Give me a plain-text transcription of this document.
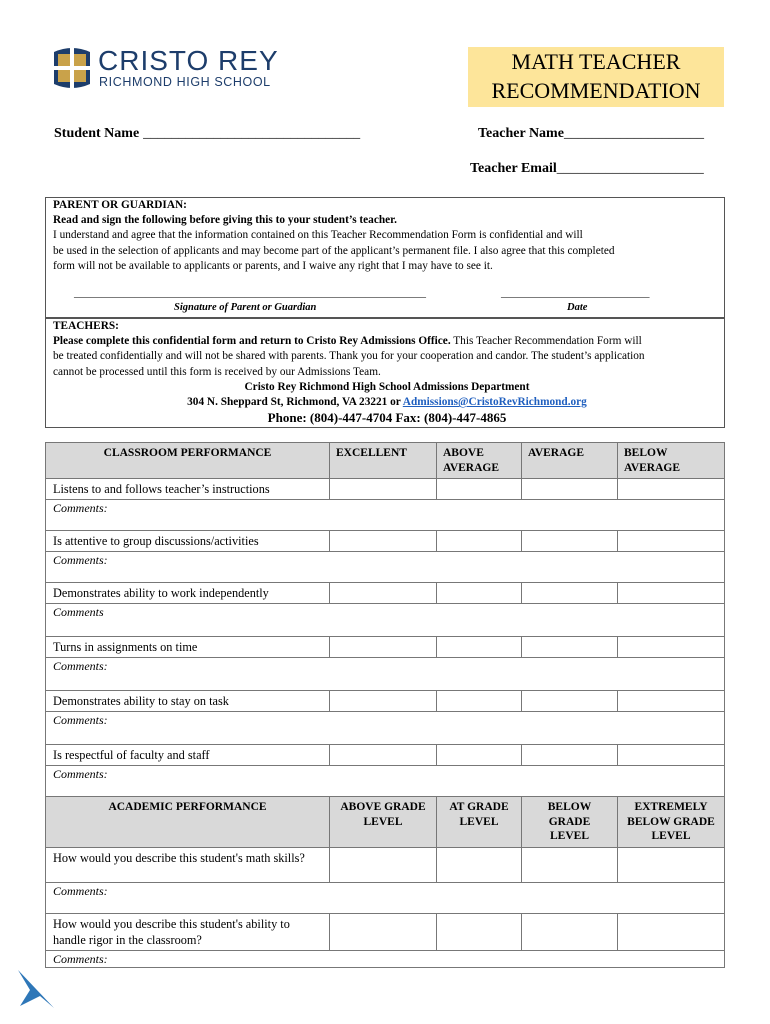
CRISTO REY
RICHMOND HIGH SCHOOL
MATH TEACHER
RECOMMENDATION
Student Name _______________________________	Teacher Name____________________
Teacher Email_____________________
PARENT OR GUARDIAN:
Read and sign the following before giving this to your student’s teacher.
I understand and agree that the information contained on this Teacher Recommendation Form is confidential and will
be used in the selection of applicants and may become part of the applicant’s permanent file. I also agree that this completed
form will not be available to applicants or parents, and I waive any right that I may have to see it.
________________________________________________________________	___________________________
Signature of Parent or Guardian	Date
TEACHERS:
Please complete this confidential form and return to Cristo Rey Admissions Office. This Teacher Recommendation Form will
be treated confidentially and will not be shared with parents. Thank you for your cooperation and candor. The student’s application
cannot be processed until this form is received by our Admissions Team.
Cristo Rey Richmond High School Admissions Department
304 N. Sheppard St, Richmond, VA 23221 or Admissions@CristoRevRichmond.org
Phone: (804)-447-4704 Fax: (804)-447-4865
CLASSROOM PERFORMANCE	EXCELLENT	ABOVE AVERAGE	AVERAGE	BELOW AVERAGE
Listens to and follows teacher’s instructions				
Comments:				
Is attentive to group discussions/activities				
Comments:				
Demonstrates ability to work independently				
Comments				
Turns in assignments on time				
Comments:				
Demonstrates ability to stay on task				
Comments:				
Is respectful of faculty and staff				
Comments:				
ACADEMIC PERFORMANCE	ABOVE GRADE LEVEL	AT GRADE LEVEL	BELOW GRADE LEVEL	EXTREMELY BELOW GRADE LEVEL
How would you describe this student's math skills?				
Comments:				
How would you describe this student's ability to handle rigor in the classroom?				
Comments:				
